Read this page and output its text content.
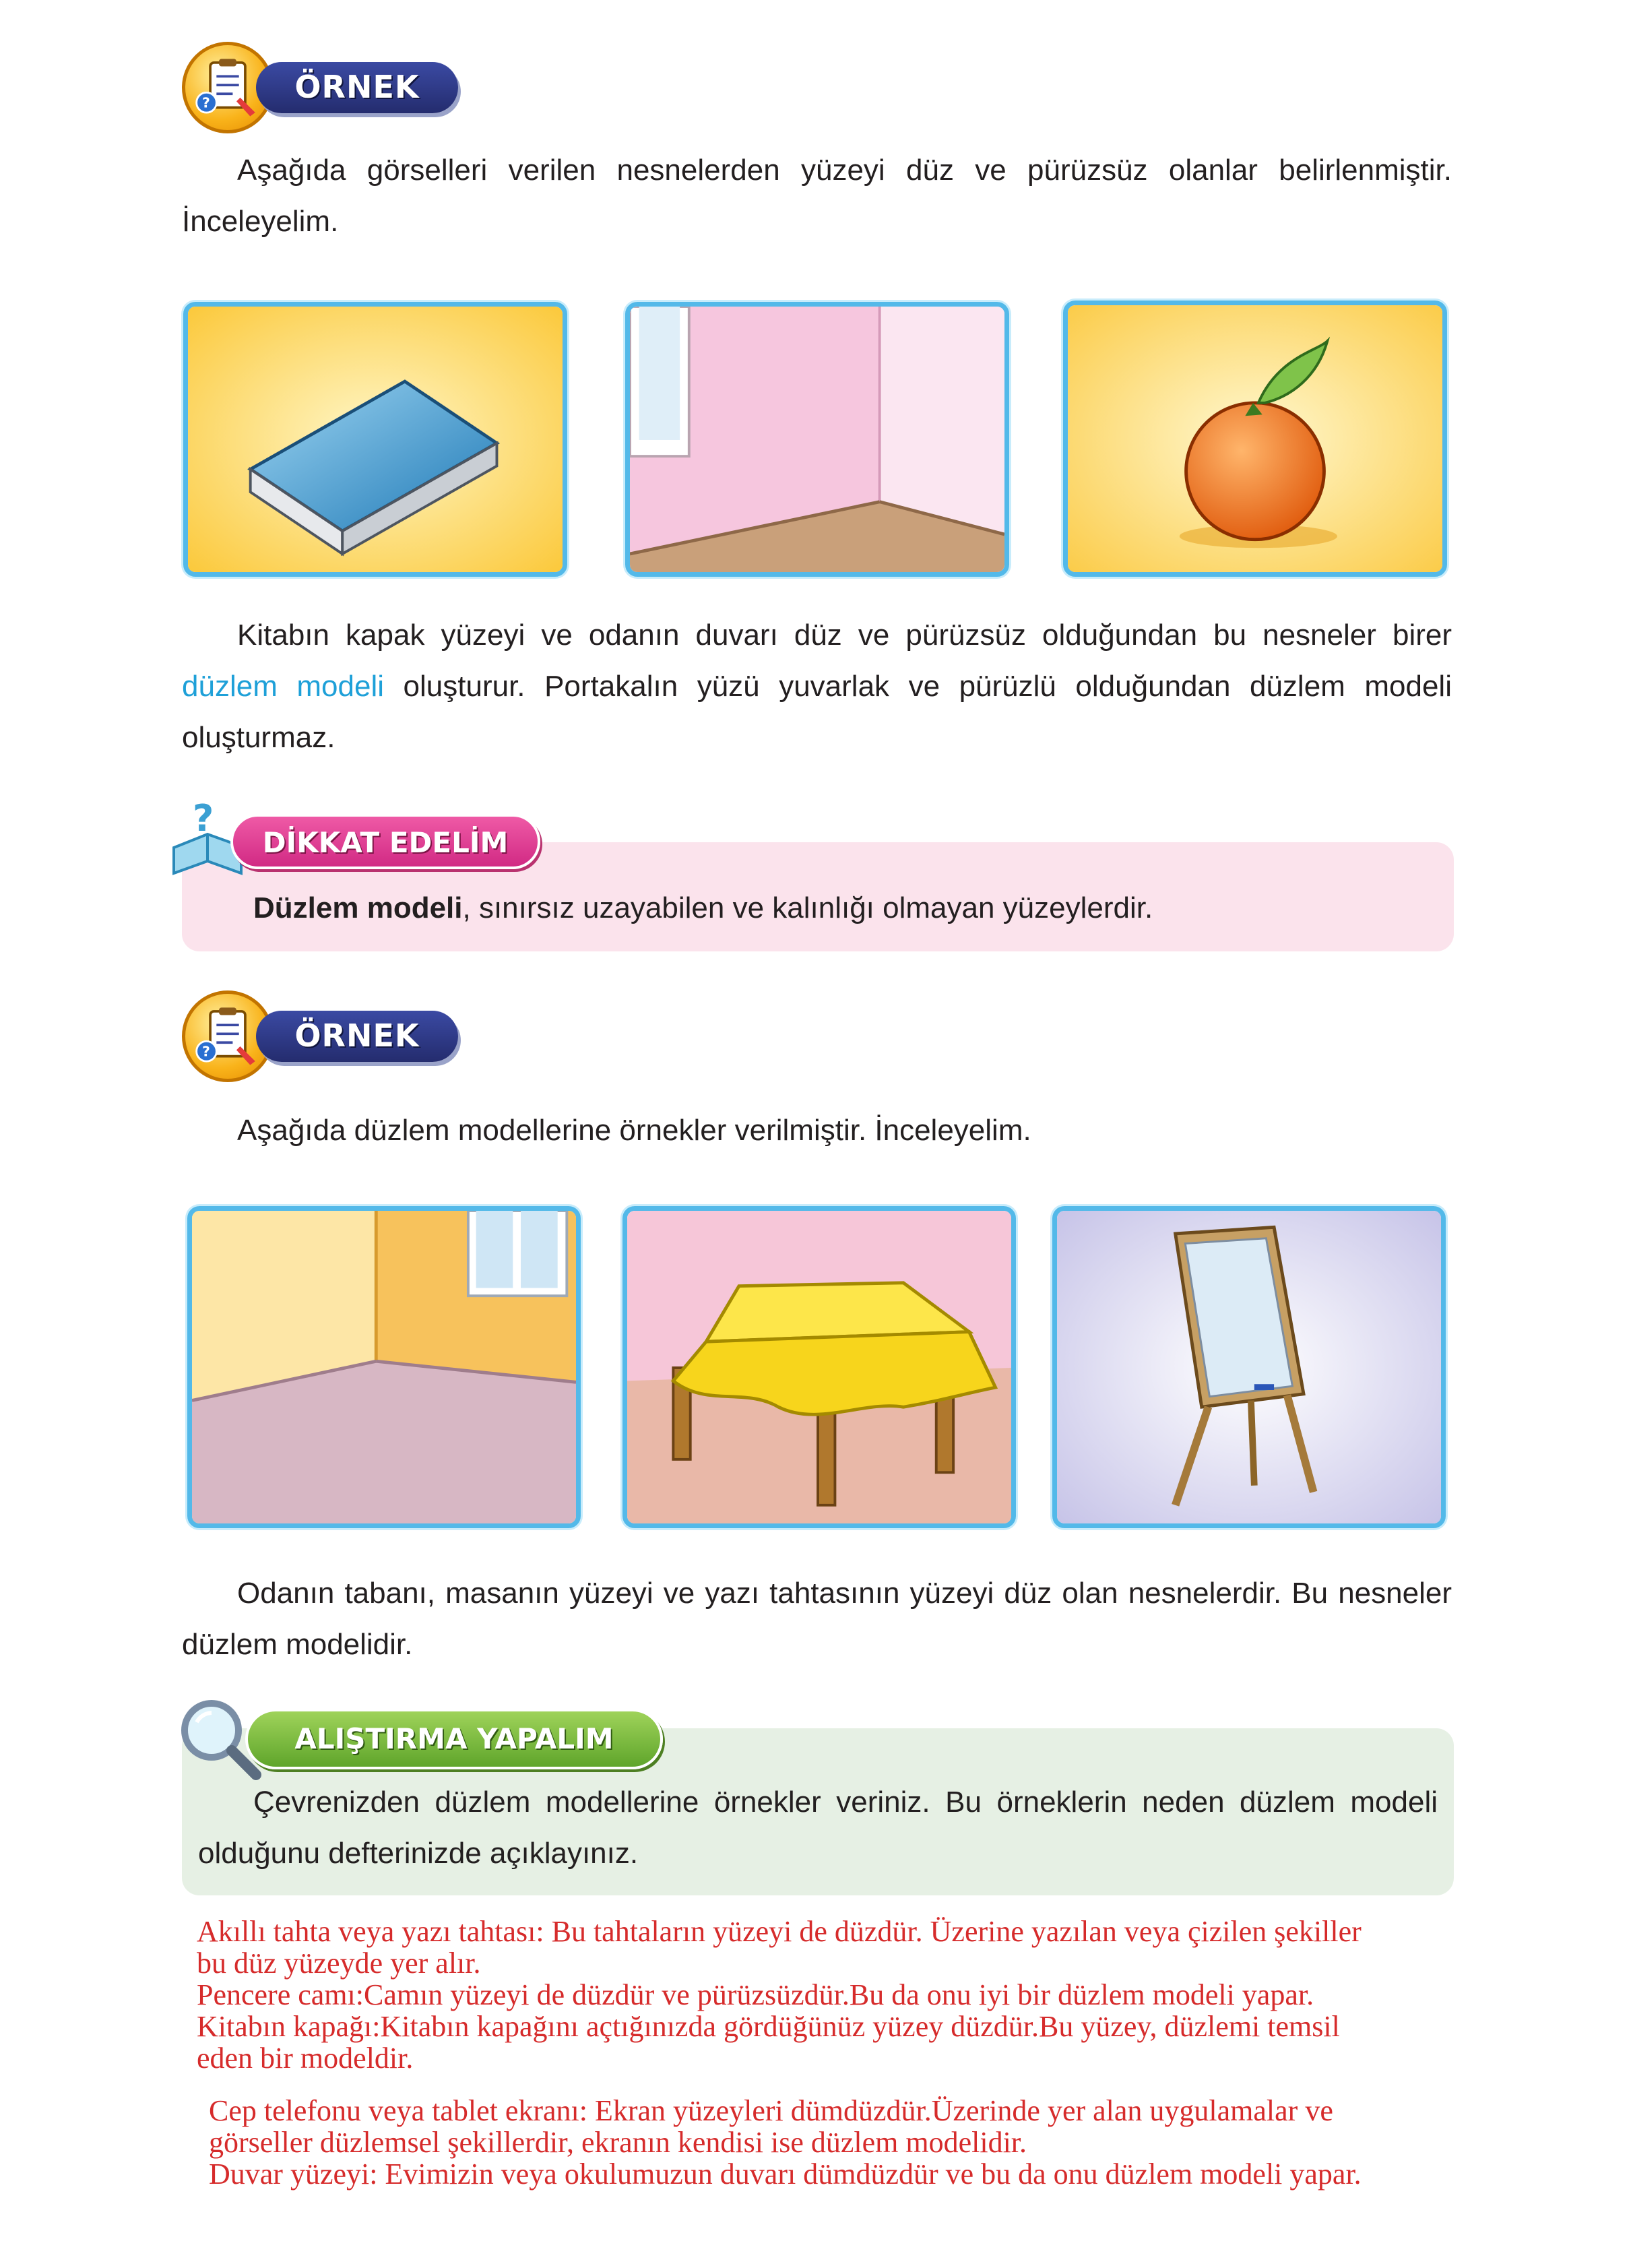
?	ÖRNEK

Aşağıda görselleri verilen nesnelerden yüzeyi düz ve pürüzsüz olanlar belirlenmiştir. İnceleyelim.

Kitabın kapak yüzeyi ve odanın duvarı düz ve pürüzsüz olduğundan bu nesneler birer düzlem modeli oluşturur. Portakalın yüzü yuvarlak ve pürüzlü olduğundan düzlem modeli oluşturmaz.

?
DİKKAT EDELİM

Düzlem modeli, sınırsız uzayabilen ve kalınlığı olmayan yüzeylerdir.

?	ÖRNEK

Aşağıda düzlem modellerine örnekler verilmiştir. İnceleyelim.

Odanın tabanı, masanın yüzeyi ve yazı tahtasının yüzeyi düz olan nesnelerdir. Bu nesneler düzlem modelidir.

ALIŞTIRMA YAPALIM

Çevrenizden düzlem modellerine örnekler veriniz. Bu örneklerin neden düzlem modeli olduğunu defterinizde açıklayınız.

Akıllı tahta veya yazı tahtası: Bu tahtaların yüzeyi de düzdür. Üzerine yazılan veya çizilen şekiller
bu düz yüzeyde yer alır.
Pencere camı:Camın yüzeyi de düzdür ve pürüzsüzdür.Bu da onu iyi bir düzlem modeli yapar.
Kitabın kapağı:Kitabın kapağını açtığınızda gördüğünüz yüzey düzdür.Bu yüzey, düzlemi temsil
eden bir modeldir.
Cep telefonu veya tablet ekranı: Ekran yüzeyleri dümdüzdür.Üzerinde yer alan uygulamalar ve
görseller düzlemsel şekillerdir, ekranın kendisi ise düzlem modelidir.
Duvar yüzeyi: Evimizin veya okulumuzun duvarı dümdüzdür ve bu da onu düzlem modeli yapar.
